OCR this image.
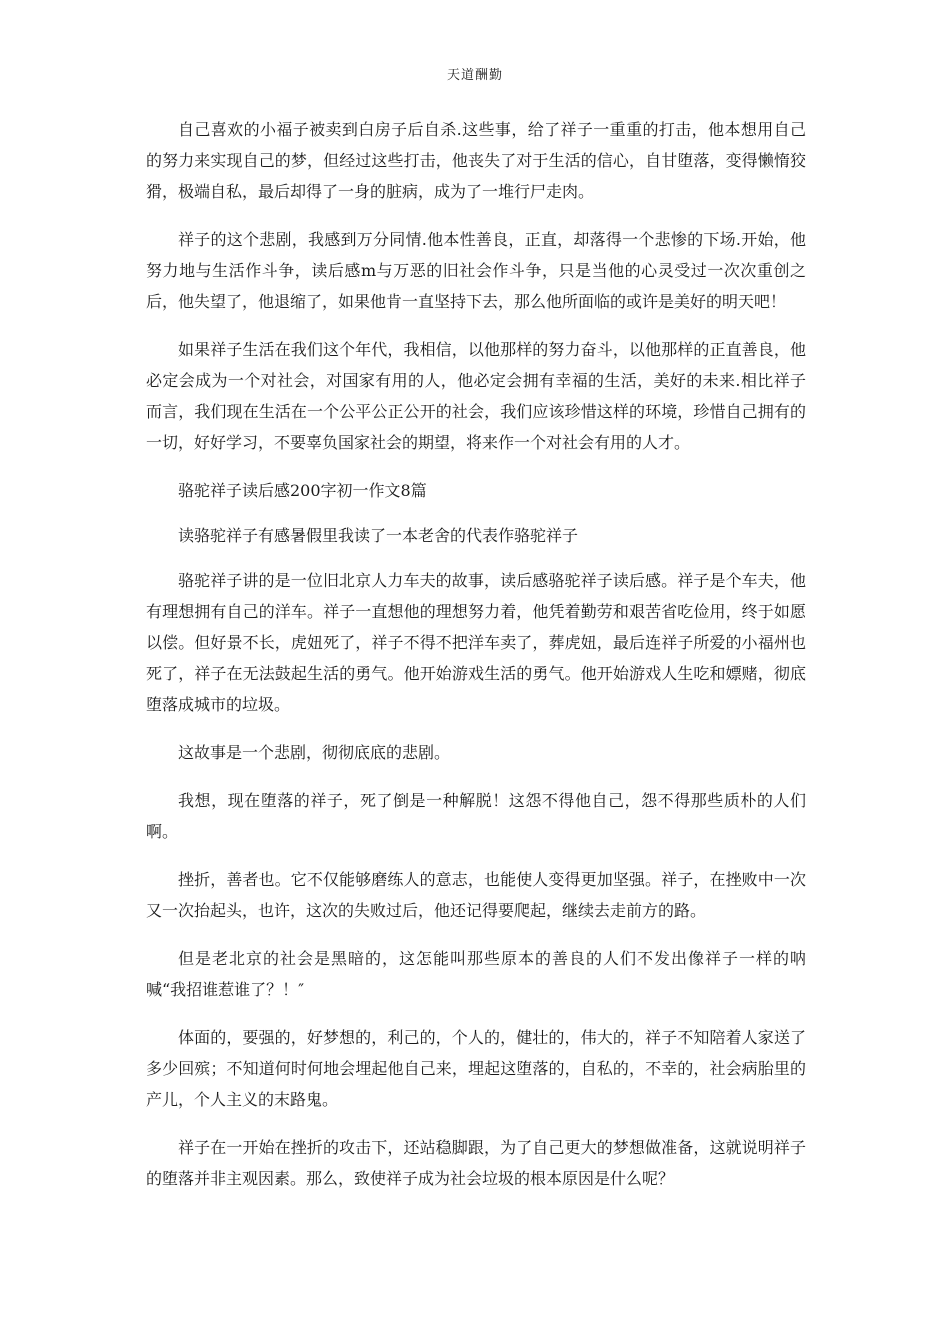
天道酬勤

自己喜欢的小福子被卖到白房子后自杀.这些事，给了祥子一重重的打击，他本想用自己的努力来实现自己的梦，但经过这些打击，他丧失了对于生活的信心，自甘堕落，变得懒惰狡猾，极端自私，最后却得了一身的脏病，成为了一堆行尸走肉。

祥子的这个悲剧，我感到万分同情.他本性善良，正直，却落得一个悲惨的下场.开始，他努力地与生活作斗争，读后感m与万恶的旧社会作斗争，只是当他的心灵受过一次次重创之后，他失望了，他退缩了，如果他肯一直坚持下去，那么他所面临的或许是美好的明天吧！

如果祥子生活在我们这个年代，我相信，以他那样的努力奋斗，以他那样的正直善良，他必定会成为一个对社会，对国家有用的人，他必定会拥有幸福的生活，美好的未来.相比祥子而言，我们现在生活在一个公平公正公开的社会，我们应该珍惜这样的环境，珍惜自己拥有的一切，好好学习，不要辜负国家社会的期望，将来作一个对社会有用的人才。

骆驼祥子读后感200字初一作文8篇

读骆驼祥子有感暑假里我读了一本老舍的代表作骆驼祥子

骆驼祥子讲的是一位旧北京人力车夫的故事，读后感骆驼祥子读后感。祥子是个车夫，他有理想拥有自己的洋车。祥子一直想他的理想努力着，他凭着勤劳和艰苦省吃俭用，终于如愿以偿。但好景不长，虎妞死了，祥子不得不把洋车卖了，葬虎妞，最后连祥子所爱的小福州也死了，祥子在无法鼓起生活的勇气。他开始游戏生活的勇气。他开始游戏人生吃和嫖赌，彻底堕落成城市的垃圾。

这故事是一个悲剧，彻彻底底的悲剧。

我想，现在堕落的祥子，死了倒是一种解脱！这怨不得他自己，怨不得那些质朴的人们啊。

挫折，善者也。它不仅能够磨练人的意志，也能使人变得更加坚强。祥子，在挫败中一次又一次抬起头，也许，这次的失败过后，他还记得要爬起，继续去走前方的路。

但是老北京的社会是黑暗的，这怎能叫那些原本的善良的人们不发出像祥子一样的呐喊“我招谁惹谁了？！″

体面的，要强的，好梦想的，利己的，个人的，健壮的，伟大的，祥子不知陪着人家送了多少回殡；不知道何时何地会埋起他自己来，埋起这堕落的，自私的，不幸的，社会病胎里的产儿，个人主义的末路鬼。

祥子在一开始在挫折的攻击下，还站稳脚跟，为了自己更大的梦想做准备，这就说明祥子的堕落并非主观因素。那么，致使祥子成为社会垃圾的根本原因是什么呢？
